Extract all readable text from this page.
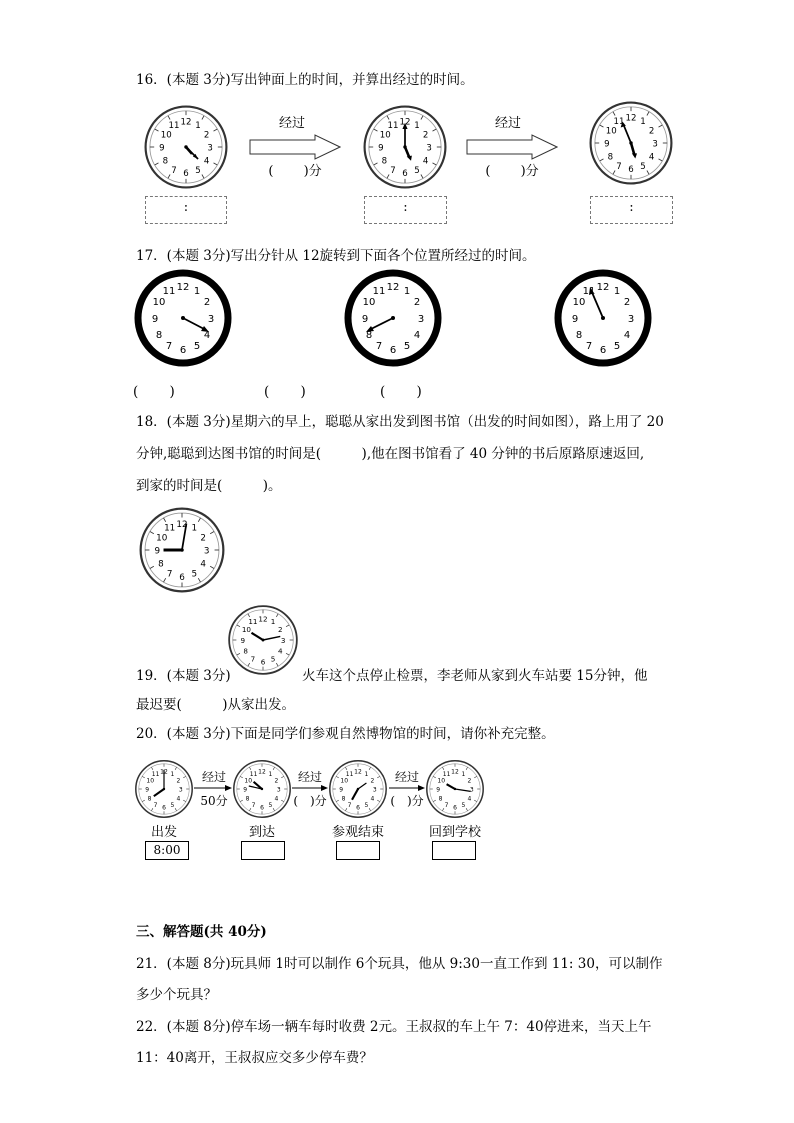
16．(本题 3分)写出钟面上的时间，并算出经过的时间。
经过
(　　 )分
经过
(　　 )分
:	:	:
17．(本题 3分)写出分针从 12旋转到下面各个位置所经过的时间。
(　　 )	(　　 )	(　　 )
18．(本题 3分)星期六的早上，聪聪从家出发到图书馆（出发的时间如图），路上用了 20
分钟,聪聪到达图书馆的时间是(　　　),他在图书馆看了 40 分钟的书后原路原速返回,
到家的时间是(　　　)。
19．(本题 3分)	火车这个点停止检票，李老师从家到火车站要 15分钟，他
最迟要(　　　)从家出发。
20．(本题 3分)下面是同学们参观自然博物馆的时间，请你补充完整。
经过
50分
经过
(　)分
经过
(　)分
出发	到达	参观结束	回到学校
8:00
三、解答题(共 40分)
21．(本题 8分)玩具师 1时可以制作 6个玩具，他从 9:30一直工作到 11: 30，可以制作
多少个玩具？
22．(本题 8分)停车场一辆车每时收费 2元。王叔叔的车上午 7：40停进来，当天上午
11：40离开，王叔叔应交多少停车费？
